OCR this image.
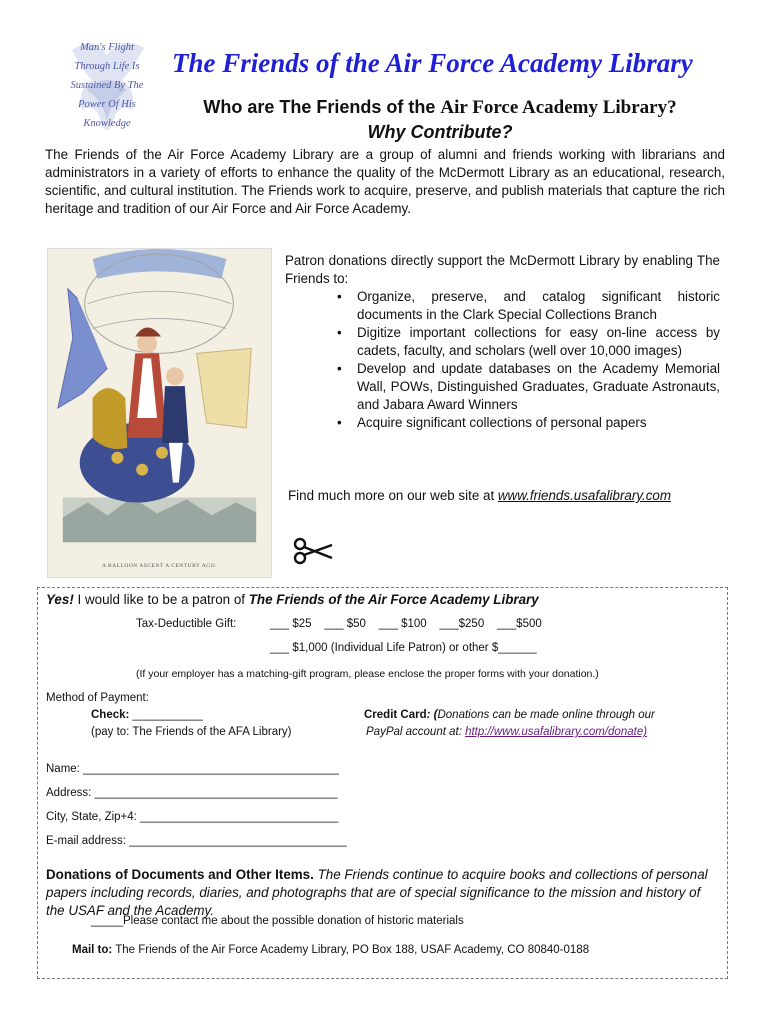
Man's Flight
Through Life Is
Sustained By The
Power Of His
Knowledge
The Friends of the Air Force Academy Library
Who are The Friends of the Air Force Academy Library?
Why Contribute?
The Friends of the Air Force Academy Library are a group of alumni and friends working with librarians and administrators in a variety of efforts to enhance the quality of the McDermott Library as an educational, research, scientific, and cultural institution. The Friends work to acquire, preserve, and publish materials that capture the rich heritage and tradition of our Air Force and Air Force Academy.
A BALLOON ASCENT A CENTURY AGO.
Patron donations directly support the McDermott Library by enabling The Friends to:
• Organize, preserve, and catalog significant historic documents in the Clark Special Collections Branch
• Digitize important collections for easy on-line access by cadets, faculty, and scholars (well over 10,000 images)
• Develop and update databases on the Academy Memorial Wall, POWs, Distinguished Graduates, Graduate Astronauts, and Jabara Award Winners
• Acquire significant collections of personal papers
Find much more on our web site at www.friends.usafalibrary.com
Yes! I would like to be a patron of The Friends of the Air Force Academy Library
Tax-Deductible Gift:	___ $25    ___ $50    ___ $100    ___$250    ___$500
___ $1,000 (Individual Life Patron) or other $______
(If your employer has a matching-gift program, please enclose the proper forms with your donation.)
Method of Payment:
Check: ___________
(pay to: The Friends of the AFA Library)
Credit Card: (Donations can be made online through our
PayPal account at: http://www.usafalibrary.com/donate)
Name: ________________________________________
Address: ______________________________________
City, State, Zip+4: _______________________________
E-mail address: __________________________________
Donations of Documents and Other Items. The Friends continue to acquire books and collections of personal papers including records, diaries, and photographs that are of special significance to the mission and history of the USAF and the Academy.
_____Please contact me about the possible donation of historic materials
Mail to: The Friends of the Air Force Academy Library, PO Box 188, USAF Academy, CO 80840-0188
